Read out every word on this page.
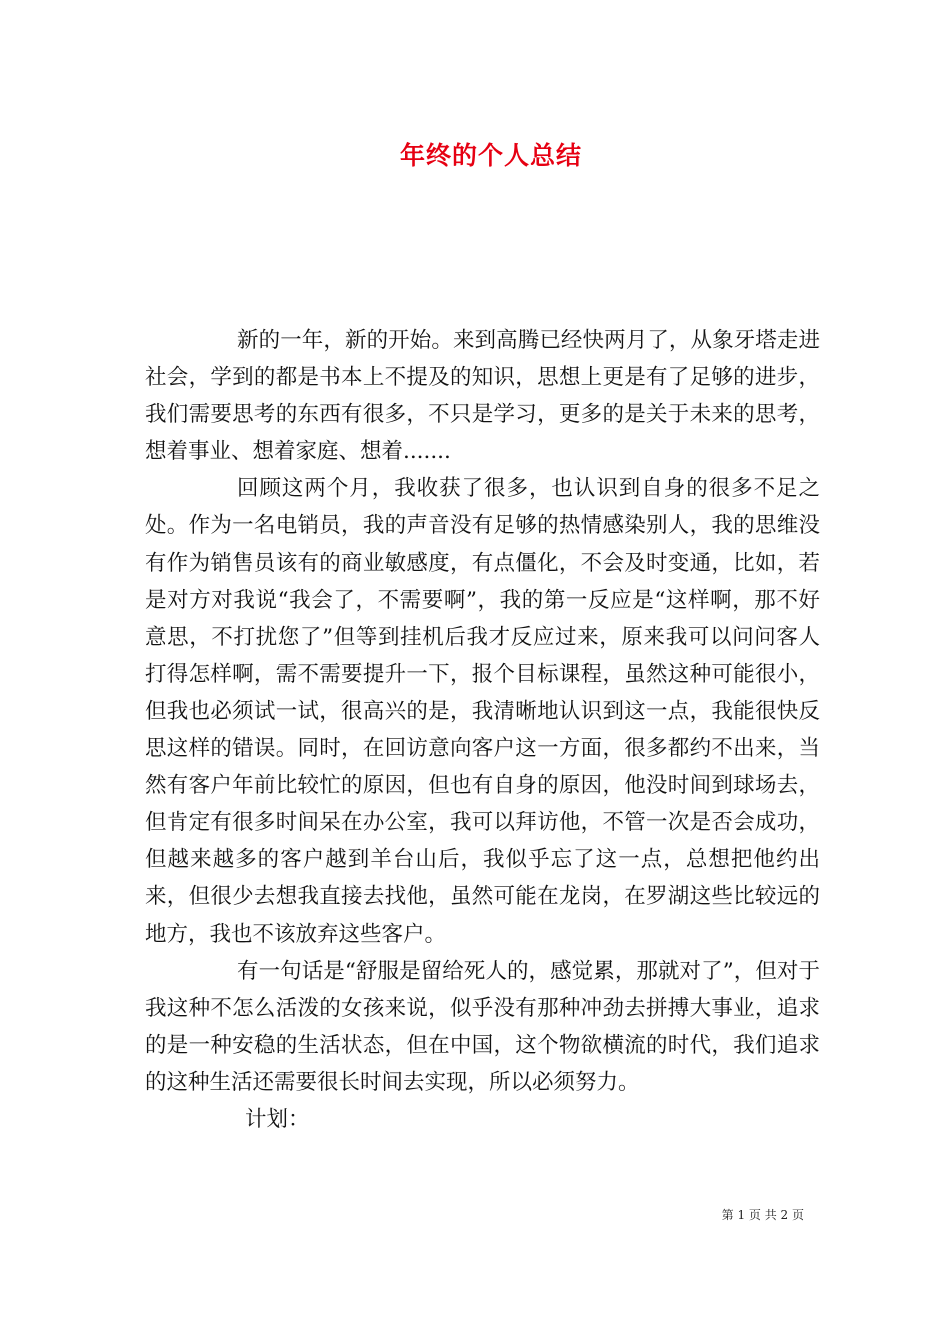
年终的个人总结

新的一年，新的开始。来到高腾已经快两月了，从象牙塔走进社会，学到的都是书本上不提及的知识，思想上更是有了足够的进步，我们需要思考的东西有很多，不只是学习，更多的是关于未来的思考，想着事业、想着家庭、想着.......

回顾这两个月，我收获了很多，也认识到自身的很多不足之处。作为一名电销员，我的声音没有足够的热情感染别人，我的思维没有作为销售员该有的商业敏感度，有点僵化，不会及时变通，比如，若是对方对我说“我会了，不需要啊”，我的第一反应是“这样啊，那不好意思，不打扰您了”但等到挂机后我才反应过来，原来我可以问问客人打得怎样啊，需不需要提升一下，报个目标课程，虽然这种可能很小，但我也必须试一试，很高兴的是，我清晰地认识到这一点，我能很快反思这样的错误。同时，在回访意向客户这一方面，很多都约不出来，当然有客户年前比较忙的原因，但也有自身的原因，他没时间到球场去，但肯定有很多时间呆在办公室，我可以拜访他，不管一次是否会成功，但越来越多的客户越到羊台山后，我似乎忘了这一点，总想把他约出来，但很少去想我直接去找他，虽然可能在龙岗，在罗湖这些比较远的地方，我也不该放弃这些客户。

有一句话是“舒服是留给死人的，感觉累，那就对了”，但对于我这种不怎么活泼的女孩来说，似乎没有那种冲劲去拼搏大事业，追求的是一种安稳的生活状态，但在中国，这个物欲横流的时代，我们追求的这种生活还需要很长时间去实现，所以必须努力。

计划：

第 1 页 共 2 页
